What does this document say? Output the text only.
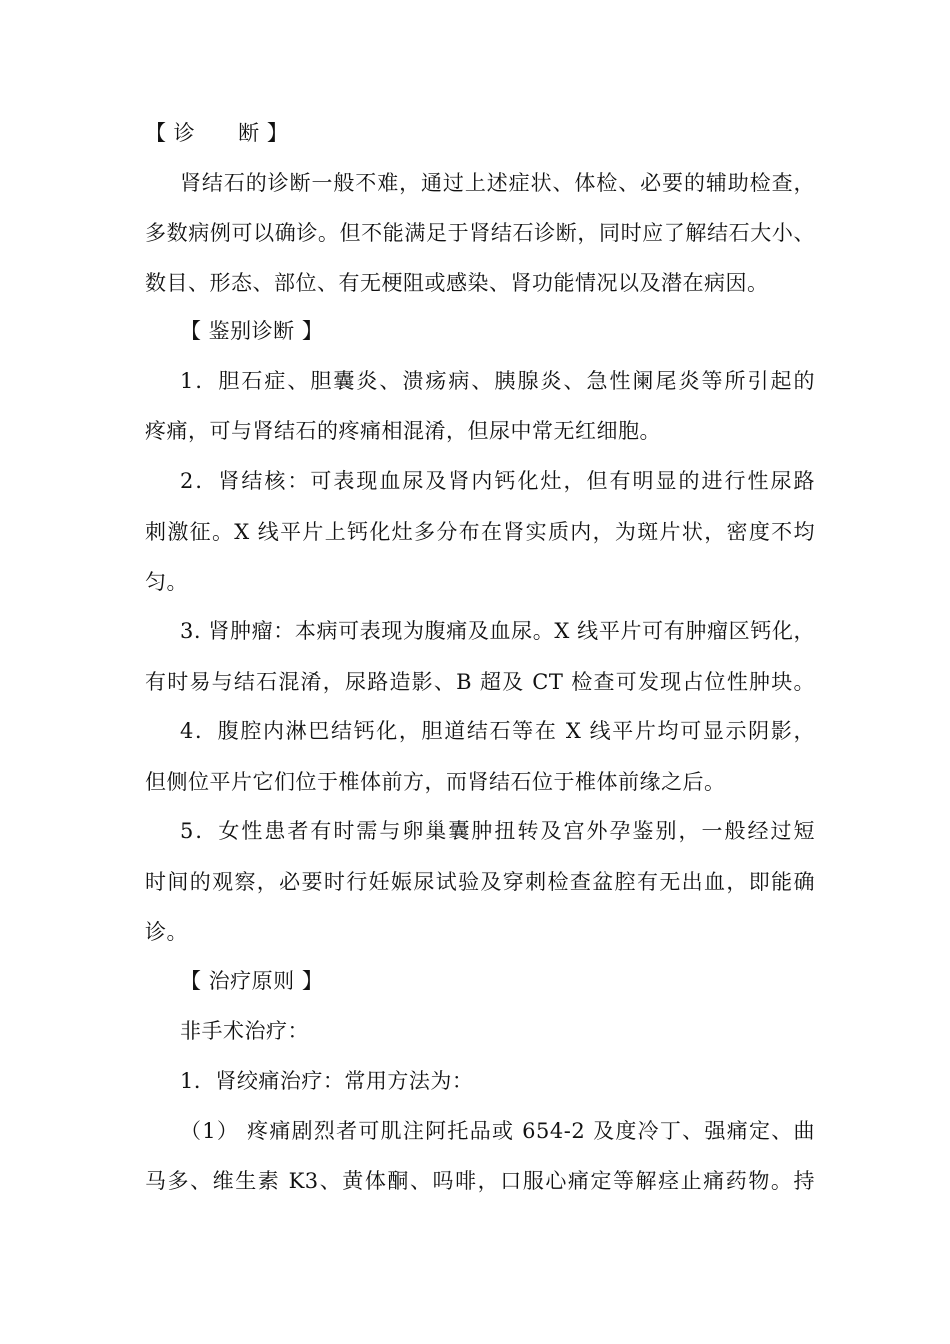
【 诊　　断 】
肾结石的诊断一般不难，通过上述症状、体检、必要的辅助检查，
多数病例可以确诊。但不能满足于肾结石诊断，同时应了解结石大小、
数目、形态、部位、有无梗阻或感染、肾功能情况以及潜在病因。
【 鉴别诊断 】
1．胆石症、胆囊炎、溃疡病、胰腺炎、急性阑尾炎等所引起的
疼痛，可与肾结石的疼痛相混淆，但尿中常无红细胞。
2．肾结核：可表现血尿及肾内钙化灶，但有明显的进行性尿路
刺激征。X 线平片上钙化灶多分布在肾实质内，为斑片状，密度不均
匀。
3. 肾肿瘤：本病可表现为腹痛及血尿。X 线平片可有肿瘤区钙化，
有时易与结石混淆，尿路造影、B 超及 CT 检查可发现占位性肿块。
4．腹腔内淋巴结钙化，胆道结石等在 X 线平片均可显示阴影，
但侧位平片它们位于椎体前方，而肾结石位于椎体前缘之后。
5．女性患者有时需与卵巢囊肿扭转及宫外孕鉴别，一般经过短
时间的观察，必要时行妊娠尿试验及穿刺检查盆腔有无出血，即能确
诊。
【 治疗原则 】
非手术治疗：
1．肾绞痛治疗：常用方法为：
（1） 疼痛剧烈者可肌注阿托品或 654-2 及度冷丁、强痛定、曲
马多、维生素 K3、黄体酮、吗啡，口服心痛定等解痉止痛药物。持
